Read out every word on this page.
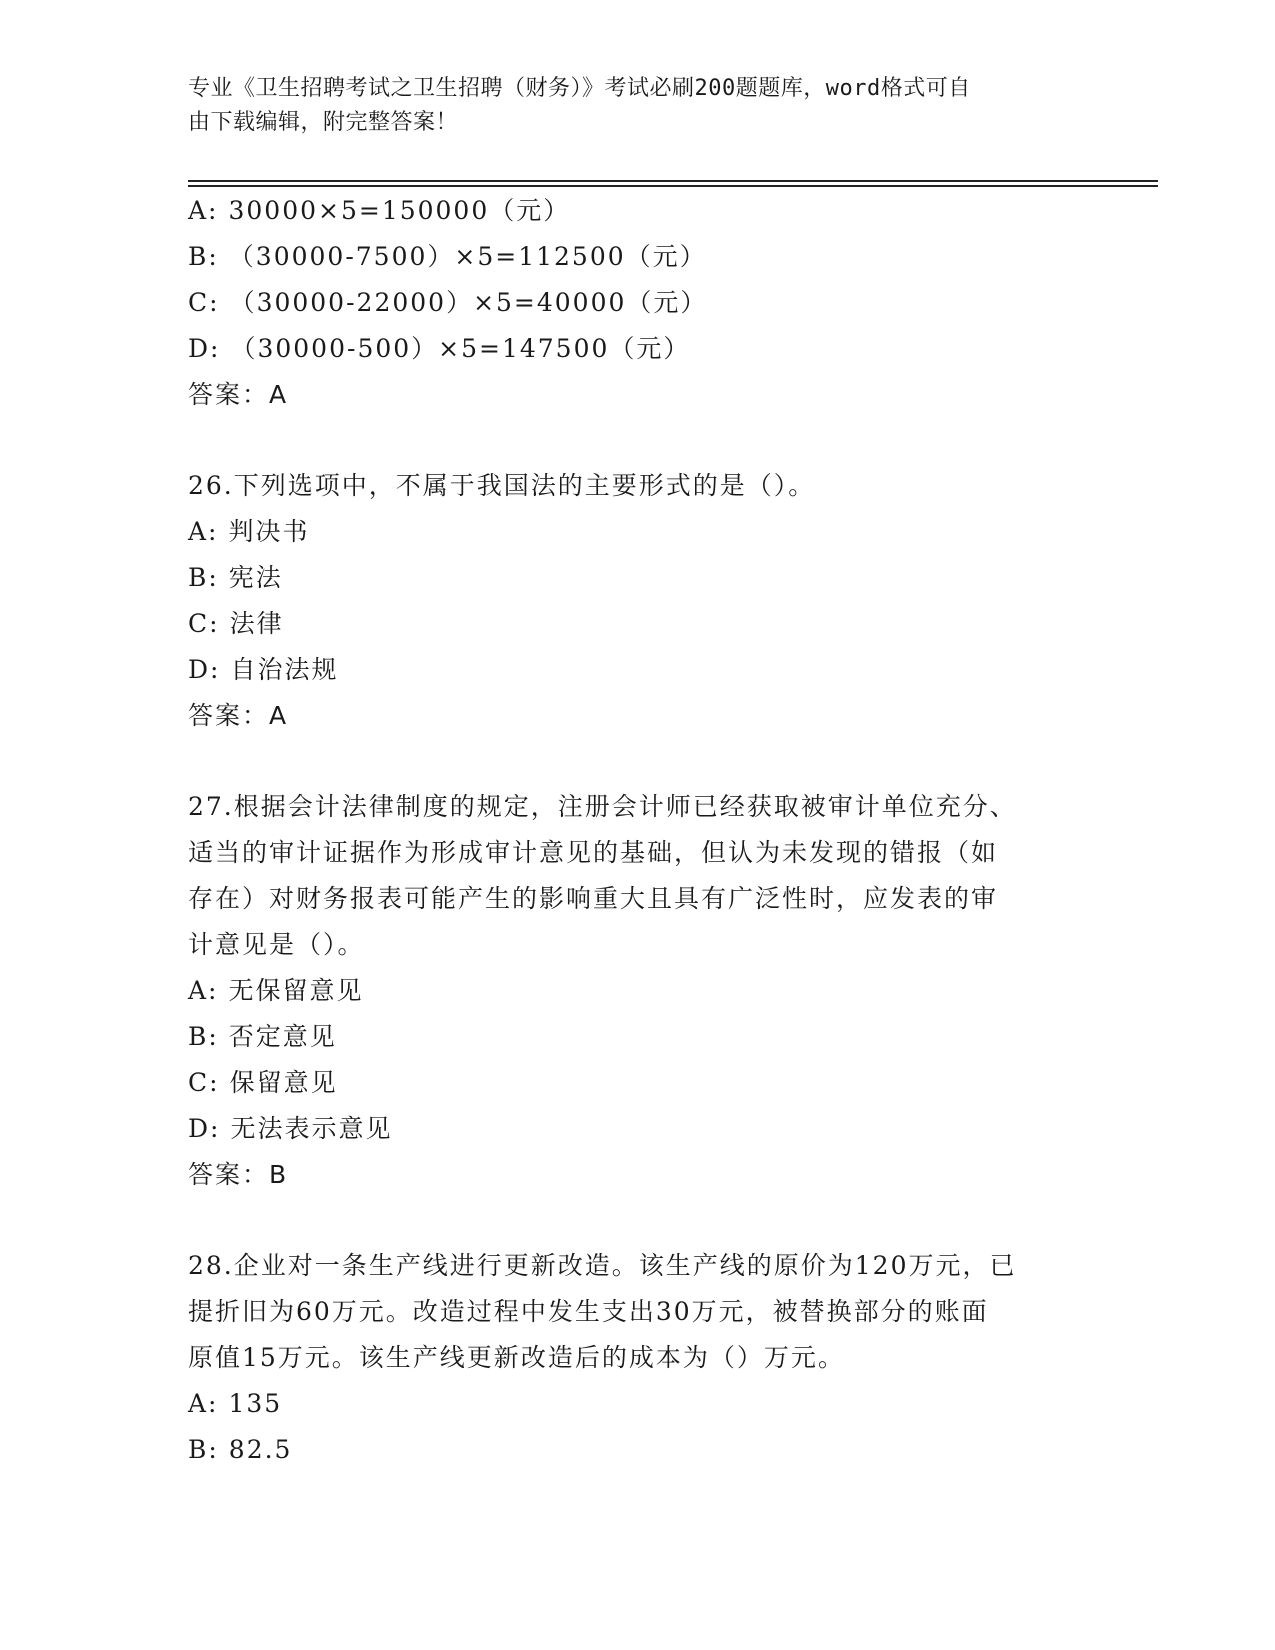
专业《卫生招聘考试之卫生招聘（财务）》考试必刷200题题库，word格式可自
由下载编辑，附完整答案！
A: 30000×5=150000（元）
B: （30000-7500）×5=112500（元）
C: （30000-22000）×5=40000（元）
D: （30000-500）×5=147500（元）
答案：A
26.下列选项中，不属于我国法的主要形式的是（）。
A: 判决书
B: 宪法
C: 法律
D: 自治法规
答案：A
27.根据会计法律制度的规定，注册会计师已经获取被审计单位充分、
适当的审计证据作为形成审计意见的基础，但认为未发现的错报（如
存在）对财务报表可能产生的影响重大且具有广泛性时，应发表的审
计意见是（）。
A: 无保留意见
B: 否定意见
C: 保留意见
D: 无法表示意见
答案：B
28.企业对一条生产线进行更新改造。该生产线的原价为120万元，已
提折旧为60万元。改造过程中发生支出30万元，被替换部分的账面
原值15万元。该生产线更新改造后的成本为（）万元。
A: 135
B: 82.5
